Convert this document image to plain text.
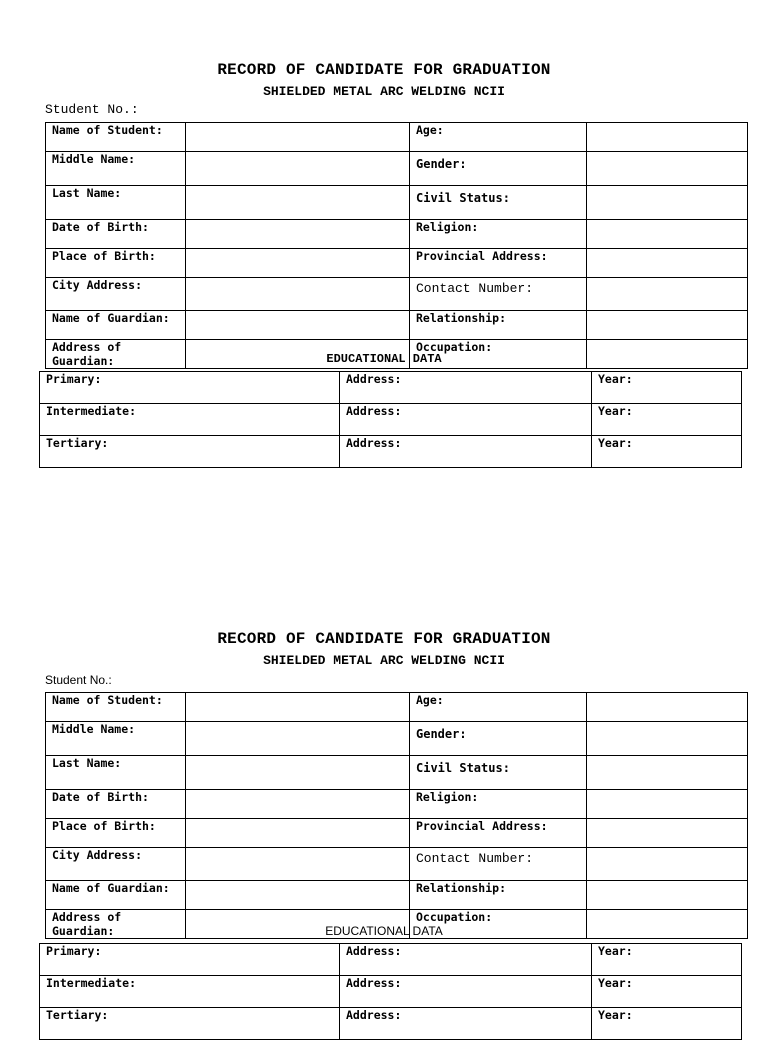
RECORD OF CANDIDATE FOR GRADUATION
SHIELDED METAL ARC WELDING NCII
Student No.:
Name of Student:		Age:	
Middle Name:		Gender:	
Last Name:		Civil Status:	
Date of Birth:		Religion:	
Place of Birth:		Provincial Address:	
City Address:		Contact Number:	
Name of Guardian:		Relationship:	
Address of Guardian:		Occupation:	
EDUCATIONAL DATA
Primary:	Address:	Year:
Intermediate:	Address:	Year:
Tertiary:	Address:	Year:
RECORD OF CANDIDATE FOR GRADUATION
SHIELDED METAL ARC WELDING NCII
Student No.:
Name of Student:		Age:	
Middle Name:		Gender:	
Last Name:		Civil Status:	
Date of Birth:		Religion:	
Place of Birth:		Provincial Address:	
City Address:		Contact Number:	
Name of Guardian:		Relationship:	
Address of Guardian:		Occupation:	
EDUCATIONAL DATA
Primary:	Address:	Year:
Intermediate:	Address:	Year:
Tertiary:	Address:	Year:
